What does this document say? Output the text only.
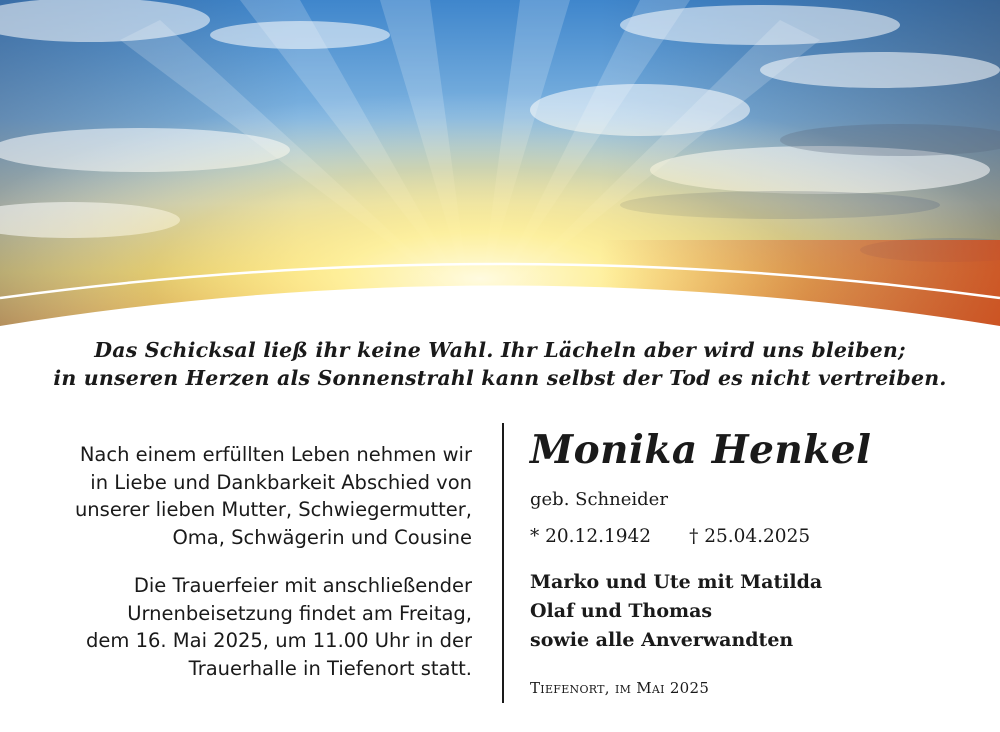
Das Schicksal ließ ihr keine Wahl. Ihr Lächeln aber wird uns bleiben;
in unseren Herzen als Sonnenstrahl kann selbst der Tod es nicht vertreiben.
Nach einem erfüllten Leben nehmen wir
in Liebe und Dankbarkeit Abschied von
unserer lieben Mutter, Schwiegermutter,
Oma, Schwägerin und Cousine
Die Trauerfeier mit anschließender
Urnenbeisetzung findet am Freitag,
dem 16. Mai 2025, um 11.00 Uhr in der
Trauerhalle in Tiefenort statt.
Monika Henkel
geb. Schneider
* 20.12.1942 † 25.04.2025
Marko und Ute mit Matilda
Olaf und Thomas
sowie alle Anverwandten
Tiefenort, im Mai 2025
